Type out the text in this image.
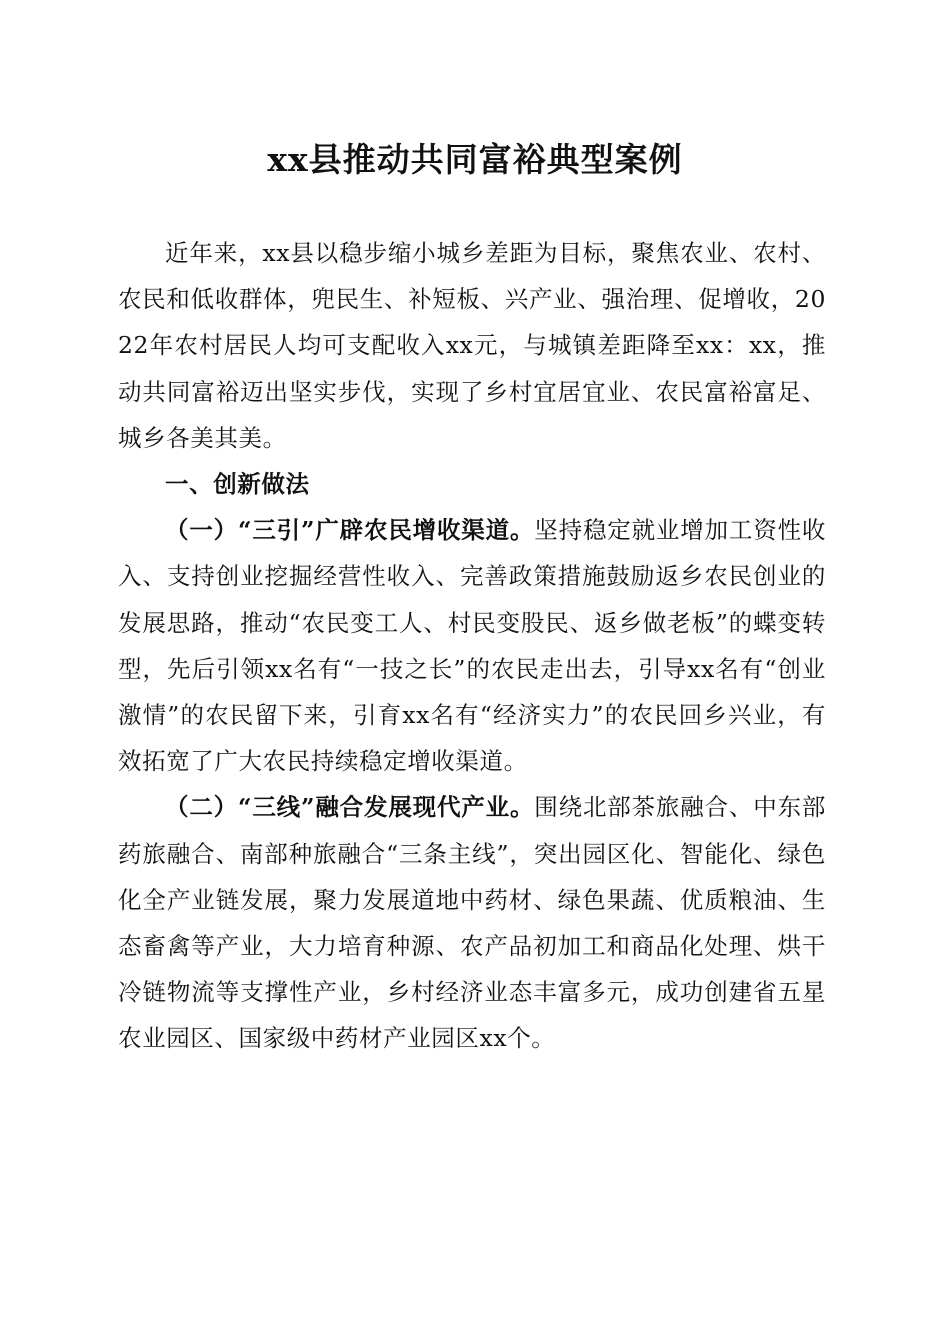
xx县推动共同富裕典型案例

近年来，xx县以稳步缩小城乡差距为目标，聚焦农业、农村、农民和低收群体，兜民生、补短板、兴产业、强治理、促增收，2022年农村居民人均可支配收入xx元，与城镇差距降至xx：xx，推动共同富裕迈出坚实步伐，实现了乡村宜居宜业、农民富裕富足、城乡各美其美。

一、创新做法

（一）“三引”广辟农民增收渠道。坚持稳定就业增加工资性收入、支持创业挖掘经营性收入、完善政策措施鼓励返乡农民创业的发展思路，推动“农民变工人、村民变股民、返乡做老板”的蝶变转型，先后引领xx名有“一技之长”的农民走出去，引导xx名有“创业激情”的农民留下来，引育xx名有“经济实力”的农民回乡兴业，有效拓宽了广大农民持续稳定增收渠道。

（二）“三线”融合发展现代产业。围绕北部茶旅融合、中东部药旅融合、南部种旅融合“三条主线”，突出园区化、智能化、绿色化全产业链发展，聚力发展道地中药材、绿色果蔬、优质粮油、生态畜禽等产业，大力培育种源、农产品初加工和商品化处理、烘干冷链物流等支撑性产业，乡村经济业态丰富多元，成功创建省五星农业园区、国家级中药材产业园区xx个。
